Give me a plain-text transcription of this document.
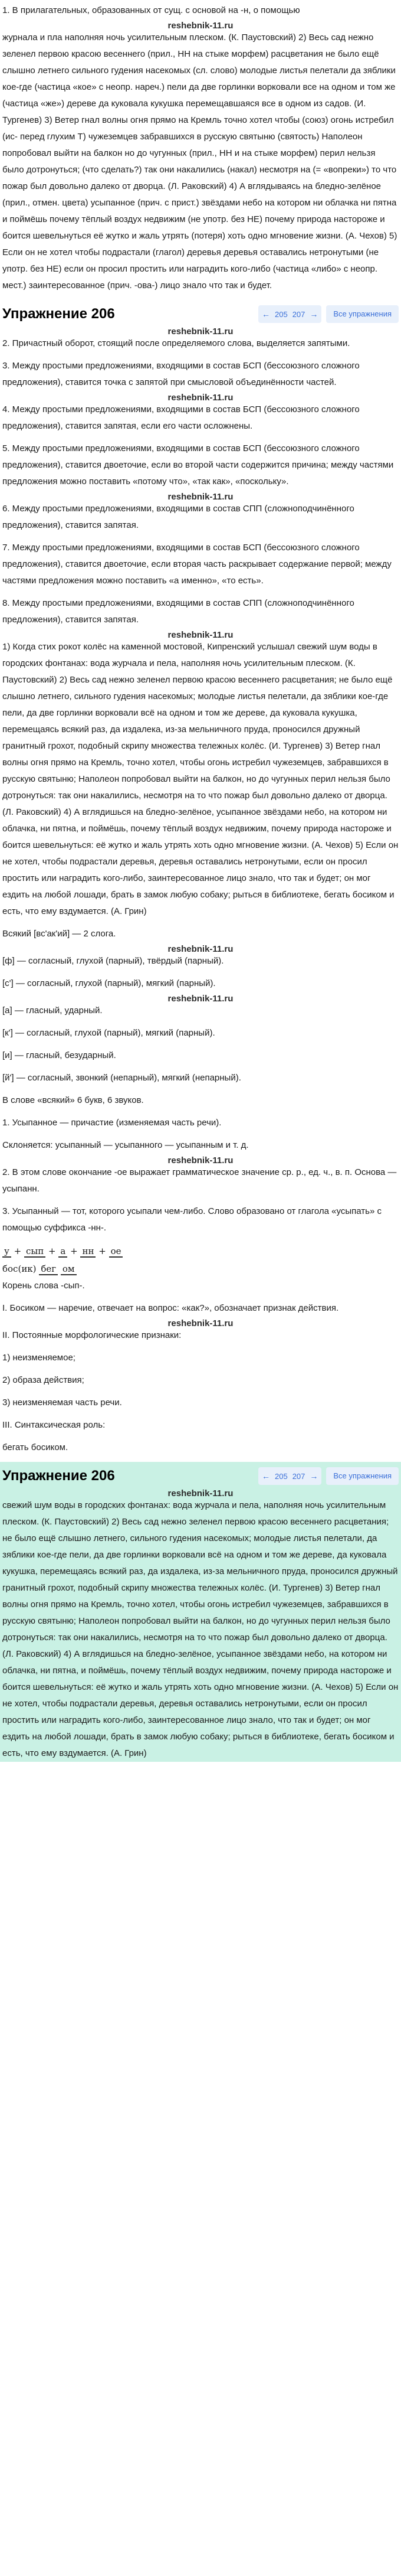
1. В прилагательных, образованных от сущ. с основой на -н, о помощью

reshebnik-11.ru

журнала и пла наполняя ночь усилительным плеском. (К. Паустовский) 2) Весь сад нежно зеленел первою красою весеннего (прил., НН на стыке морфем) расцветания не было ещё слышно летнего сильного гудения насекомых (сл. слово) молодые листья пелетали да зяблики кое-где (частица «кое» с неопр. нареч.) пели да две горлинки ворковали все на одном и том же (частица «же») дереве да куковала кукушка перемещавшаяся все в одном из садов. (И. Тургенев) 3) Ветер гнал волны огня прямо на Кремль точно хотел чтобы (союз) огонь истребил (ис- перед глухим Т) чужеземцев забравшихся в русскую святыню (святость) Наполеон попробовал выйти на балкон но до чугунных (прил., НН и на стыке морфем) перил нельзя было дотронуться; (что сделать?) так они накалились (накал) несмотря на (= «вопреки») то что пожар был довольно далеко от дворца. (Л. Раковский) 4) А вглядываясь на бледно-зелёное (прил., отмен. цвета) усыпанное (прич. с прист.) звёздами небо на котором ни облачка ни пятна и поймёшь почему тёплый воздух недвижим (не употр. без НЕ) почему природа настороже и боится шевельнуться её жутко и жаль утрять (потеря) хоть одно мгновение жизни. (А. Чехов) 5) Если он не хотел чтобы подрастали (глагол) деревья деревья оставались нетронутыми (не употр. без НЕ) если он просил простить или наградить кого-либо (частица «либо» с неопр. мест.) заинтересованное (прич. -ова-) лицо знало что так и будет.

Упражнение 206	← 205 207 →	Все упражнения
reshebnik-11.ru

2. Причастный оборот, стоящий после определяемого слова, выделяется запятыми.

3. Между простыми предложениями, входящими в состав БСП (бессоюзного сложного предложения), ставится точка с запятой при смысловой объединённости частей.

reshebnik-11.ru

4. Между простыми предложениями, входящими в состав БСП (бессоюзного сложного предложения), ставится запятая, если его части осложнены.

5. Между простыми предложениями, входящими в состав БСП (бессоюзного сложного предложения), ставится двоеточие, если во второй части содержится причина; между частями предложения можно поставить «потому что», «так как», «поскольку».

reshebnik-11.ru

6. Между простыми предложениями, входящими в состав СПП (сложноподчинённого предложения), ставится запятая.

7. Между простыми предложениями, входящими в состав БСП (бессоюзного сложного предложения), ставится двоеточие, если вторая часть раскрывает содержание первой; между частями предложения можно поставить «а именно», «то есть».

8. Между простыми предложениями, входящими в состав СПП (сложноподчинённого предложения), ставится запятая.

reshebnik-11.ru

1) Когда стих рокот колёс на каменной мостовой, Кипренский услышал свежий шум воды в городских фонтанах: вода журчала и пела, наполняя ночь усилительным плеском. (К. Паустовский) 2) Весь сад нежно зеленел первою красою весеннего расцветания; не было ещё слышно летнего, сильного гудения насекомых; молодые листья пелетали, да зяблики кое-где пели, да две горлинки ворковали всё на одном и том же дереве, да куковала кукушка, перемещаясь всякий раз, да издалека, из-за мельничного пруда, проносился дружный гранитный грохот, подобный скрипу множества тележных колёс. (И. Тургенев) 3) Ветер гнал волны огня прямо на Кремль, точно хотел, чтобы огонь истребил чужеземцев, забравшихся в русскую святыню; Наполеон попробовал выйти на балкон, но до чугунных перил нельзя было дотронуться: так они накалились, несмотря на то что пожар был довольно далеко от дворца. (Л. Раковский) 4) А вглядишься на бледно-зелёное, усыпанное звёздами небо, на котором ни облачка, ни пятна, и поймёшь, почему тёплый воздух недвижим, почему природа настороже и боится шевельнуться: её жутко и жаль утрять хоть одно мгновение жизни. (А. Чехов) 5) Если он не хотел, чтобы подрастали деревья, деревья оставались нетронутыми, если он просил простить или наградить кого-либо, заинтересованное лицо знало, что так и будет; он мог ездить на любой лошади, брать в замок любую собаку; рыться в библиотеке, бегать босиком и есть, что ему вздумается. (А. Грин)

Всякий [вс'ак'ий] — 2 слога.

reshebnik-11.ru

[ф] — согласный, глухой (парный), твёрдый (парный).

[с'] — согласный, глухой (парный), мягкий (парный).

reshebnik-11.ru

[а] — гласный, ударный.

[к'] — согласный, глухой (парный), мягкий (парный).

[и] — гласный, безударный.

[й'] — согласный, звонкий (непарный), мягкий (непарный).

В слове «всякий» 6 букв, 6 звуков.

1. Усыпанное — причастие (изменяемая часть речи).

Склоняется: усыпанный — усыпанного — усыпанным и т. д.

reshebnik-11.ru

2. В этом слове окончание -ое выражает грамматическое значение ср. р., ед. ч., в. п. Основа — усыпанн.

3. Усыпанный — тот, которого усыпали чем-либо. Слово образовано от глагола «усыпать» с помощью суффикса -нн-.

у + сып + а + нн + ое
бос(ик) бег ом

Корень слова -сып-.

I. Босиком — наречие, отвечает на вопрос: «как?», обозначает признак действия.

reshebnik-11.ru

II. Постоянные морфологические признаки:

1) неизменяемое;

2) образа действия;

3) неизменяемая часть речи.

III. Синтаксическая роль:

бегать босиком.

Упражнение 206	← 205 207 →	Все упражнения
reshebnik-11.ru

свежий шум воды в городских фонтанах: вода журчала и пела, наполняя ночь усилительным плеском. (К. Паустовский) 2) Весь сад нежно зеленел первою красою весеннего расцветания; не было ещё слышно летнего, сильного гудения насекомых; молодые листья пелетали, да зяблики кое-где пели, да две горлинки ворковали всё на одном и том же дереве, да куковала кукушка, перемещаясь всякий раз, да издалека, из-за мельничного пруда, проносился дружный гранитный грохот, подобный скрипу множества тележных колёс. (И. Тургенев) 3) Ветер гнал волны огня прямо на Кремль, точно хотел, чтобы огонь истребил чужеземцев, забравшихся в русскую святыню; Наполеон попробовал выйти на балкон, но до чугунных перил нельзя было дотронуться: так они накалились, несмотря на то что пожар был довольно далеко от дворца. (Л. Раковский) 4) А вглядишься на бледно-зелёное, усыпанное звёздами небо, на котором ни облачка, ни пятна, и поймёшь, почему тёплый воздух недвижим, почему природа настороже и боится шевельнуться: её жутко и жаль утрять хоть одно мгновение жизни. (А. Чехов) 5) Если он не хотел, чтобы подрастали деревья, деревья оставались нетронутыми, если он просил простить или наградить кого-либо, заинтересованное лицо знало, что так и будет; он мог ездить на любой лошади, брать в замок любую собаку; рыться в библиотеке, бегать босиком и есть, что ему вздумается. (А. Грин)
